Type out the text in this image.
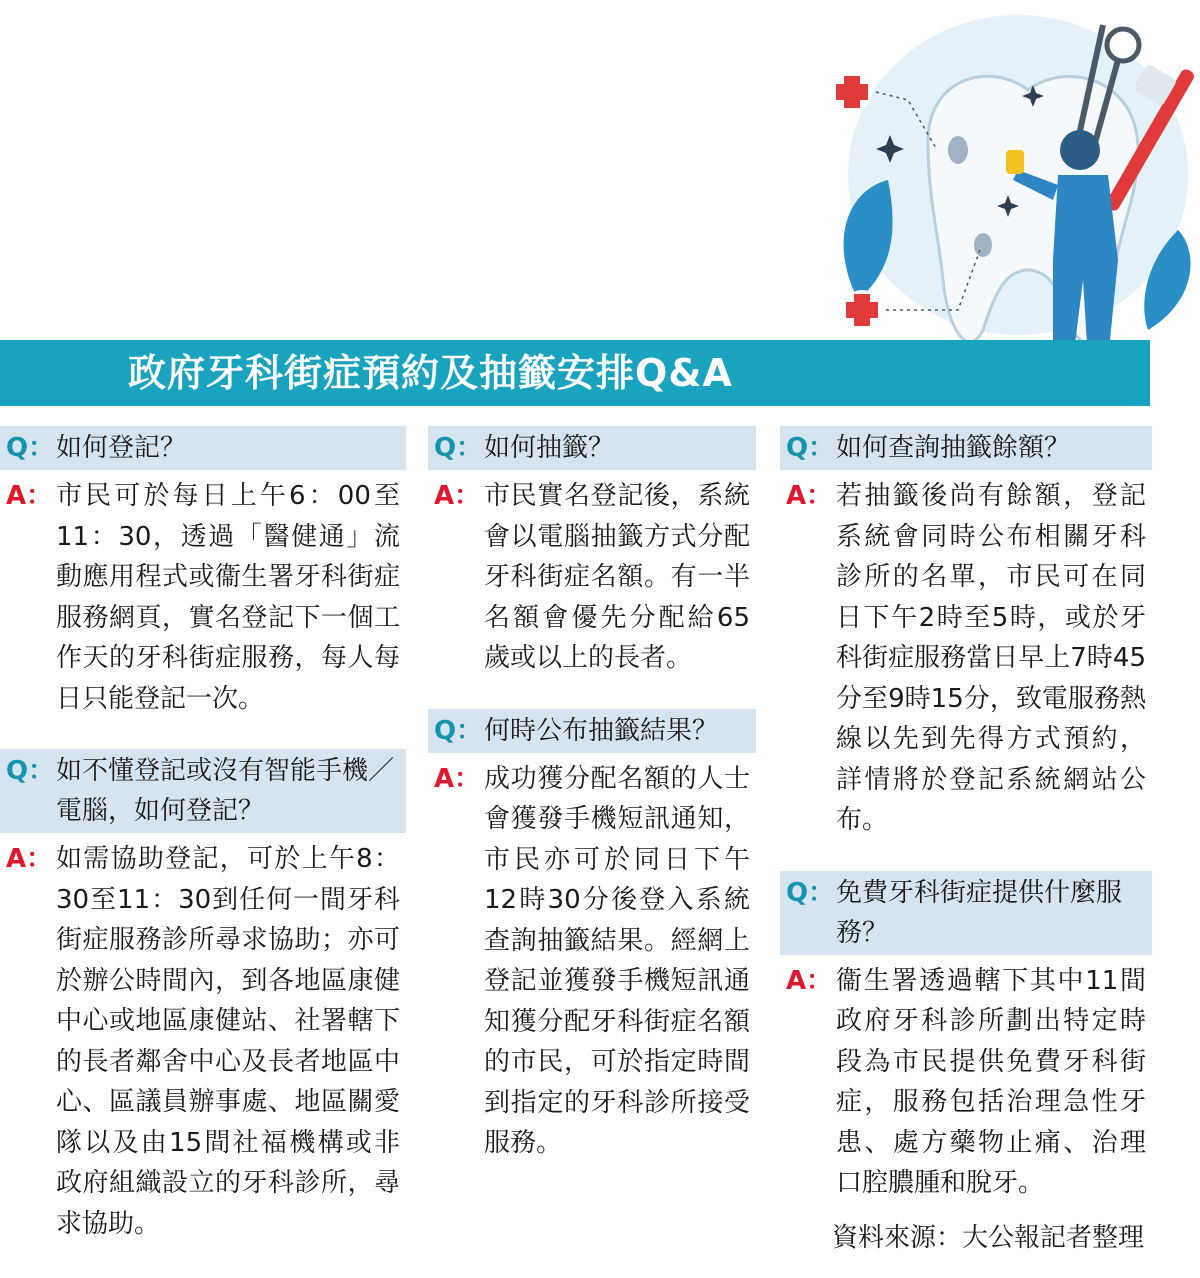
政府牙科街症預約及抽籤安排Q&A
Q： 如何登記？
A： 市民可於每日上午6：00至11：30，透過「醫健通」流動應用程式或衞生署牙科街症服務網頁，實名登記下一個工作天的牙科街症服務，每人每日只能登記一次。
Q： 如不懂登記或沒有智能手機／電腦，如何登記？
A： 如需協助登記，可於上午8：30至11：30到任何一間牙科街症服務診所尋求協助；亦可於辦公時間內，到各地區康健中心或地區康健站、社署轄下的長者鄰舍中心及長者地區中心、區議員辦事處、地區關愛隊以及由15間社福機構或非政府組織設立的牙科診所，尋求協助。
Q： 如何抽籤？
A： 市民實名登記後，系統會以電腦抽籤方式分配牙科街症名額。有一半名額會優先分配給65歲或以上的長者。
Q： 何時公布抽籤結果？
A： 成功獲分配名額的人士會獲發手機短訊通知，市民亦可於同日下午12時30分後登入系統查詢抽籤結果。經網上登記並獲發手機短訊通知獲分配牙科街症名額的市民，可於指定時間到指定的牙科診所接受服務。
Q： 如何查詢抽籤餘額？
A： 若抽籤後尚有餘額，登記系統會同時公布相關牙科診所的名單，市民可在同日下午2時至5時，或於牙科街症服務當日早上7時45分至9時15分，致電服務熱線以先到先得方式預約，詳情將於登記系統網站公布。
Q： 免費牙科街症提供什麼服務？
A： 衞生署透過轄下其中11間政府牙科診所劃出特定時段為市民提供免費牙科街症，服務包括治理急性牙患、處方藥物止痛、治理口腔膿腫和脫牙。
資料來源：大公報記者整理
